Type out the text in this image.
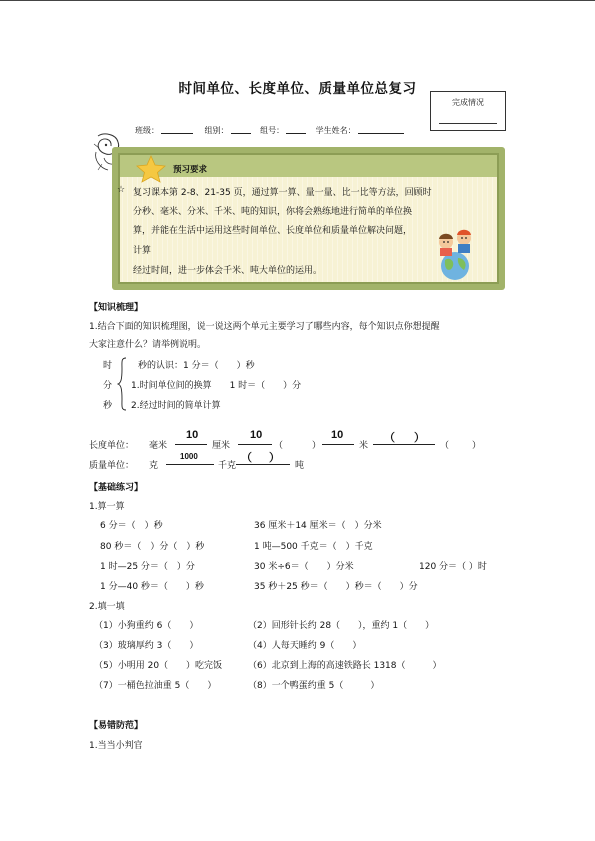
时间单位、长度单位、质量单位总复习
完成情况
班级：	组别：	组号：	学生姓名：
预习要求
☆ 复习课本第 2-8、21-35 页，通过算一算、量一量、比一比等方法，回顾时
分秒、毫米、分米、千米、吨的知识，你将会熟练地进行简单的单位换
算，并能在生活中运用这些时间单位、长度单位和质量单位解决问题，
计算
经过时间，进一步体会千米、吨大单位的运用。
【知识梳理】
1.结合下面的知识梳理图，说一说这两个单元主要学习了哪些内容，每个知识点你想提醒
大家注意什么？请举例说明。
时
分
秒
秒的认识：1 分＝（　　）秒
1.时间单位间的换算　　1 时＝（　　）分
2.经过时间的简单计算
长度单位： 毫米
10
厘米
10
（	）
10
米
（ ）
（	）
质量单位： 克
1000
千克
（ ）
吨
【基础练习】
1.算一算
6 分＝（　）秒	36 厘米＋14 厘米＝（　）分米
80 秒＝（　）分（　）秒	1 吨—500 千克＝（　）千克
1 时—25 分＝（　）分	30 米÷6＝（　　）分米	120 分＝（ ）时
1 分—40 秒＝（　　）秒	35 秒＋25 秒＝（　　）秒＝（　　）分
2.填一填
（1）小狗重约 6（　　）	（2）回形针长约 28（　　），重约 1（　　）
（3）玻璃厚约 3（　　）	（4）人每天睡约 9（　　）
（5）小明用 20（　　）吃完饭	（6）北京到上海的高速铁路长 1318（　　　）
（7）一桶色拉油重 5（　　）	（8）一个鸭蛋约重 5（　　　）
【易错防范】
1.当当小判官
